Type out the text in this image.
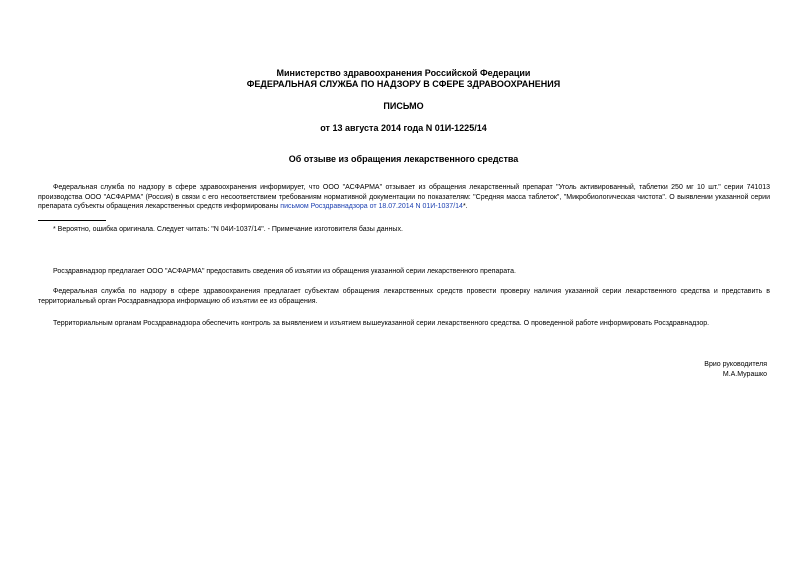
Министерство здравоохранения Российской Федерации
ФЕДЕРАЛЬНАЯ СЛУЖБА ПО НАДЗОРУ В СФЕРЕ ЗДРАВООХРАНЕНИЯ
ПИСЬМО
от 13 августа 2014 года N 01И-1225/14
Об отзыве из обращения лекарственного средства
Федеральная служба по надзору в сфере здравоохранения информирует, что ООО "АСФАРМА" отзывает из обращения лекарственный препарат "Уголь активированный, таблетки 250 мг 10 шт." серии 741013 производства ООО "АСФАРМА" (Россия) в связи с его несоответствием требованиям нормативной документации по показателям: "Средняя масса таблеток", "Микробиологическая чистота". О выявлении указанной серии препарата субъекты обращения лекарственных средств информированы письмом Росздравнадзора от 18.07.2014 N 01И-1037/14*.
* Вероятно, ошибка оригинала. Следует читать: "N 04И-1037/14". - Примечание изготовителя базы данных.
Росздравнадзор предлагает ООО "АСФАРМА" предоставить сведения об изъятии из обращения указанной серии лекарственного препарата.
Федеральная служба по надзору в сфере здравоохранения предлагает субъектам обращения лекарственных средств провести проверку наличия указанной серии лекарственного средства и представить в территориальный орган Росздравнадзора информацию об изъятии ее из обращения.
Территориальным органам Росздравнадзора обеспечить контроль за выявлением и изъятием вышеуказанной серии лекарственного средства. О проведенной работе информировать Росздравнадзор.
Врио руководителя
М.А.Мурашко
